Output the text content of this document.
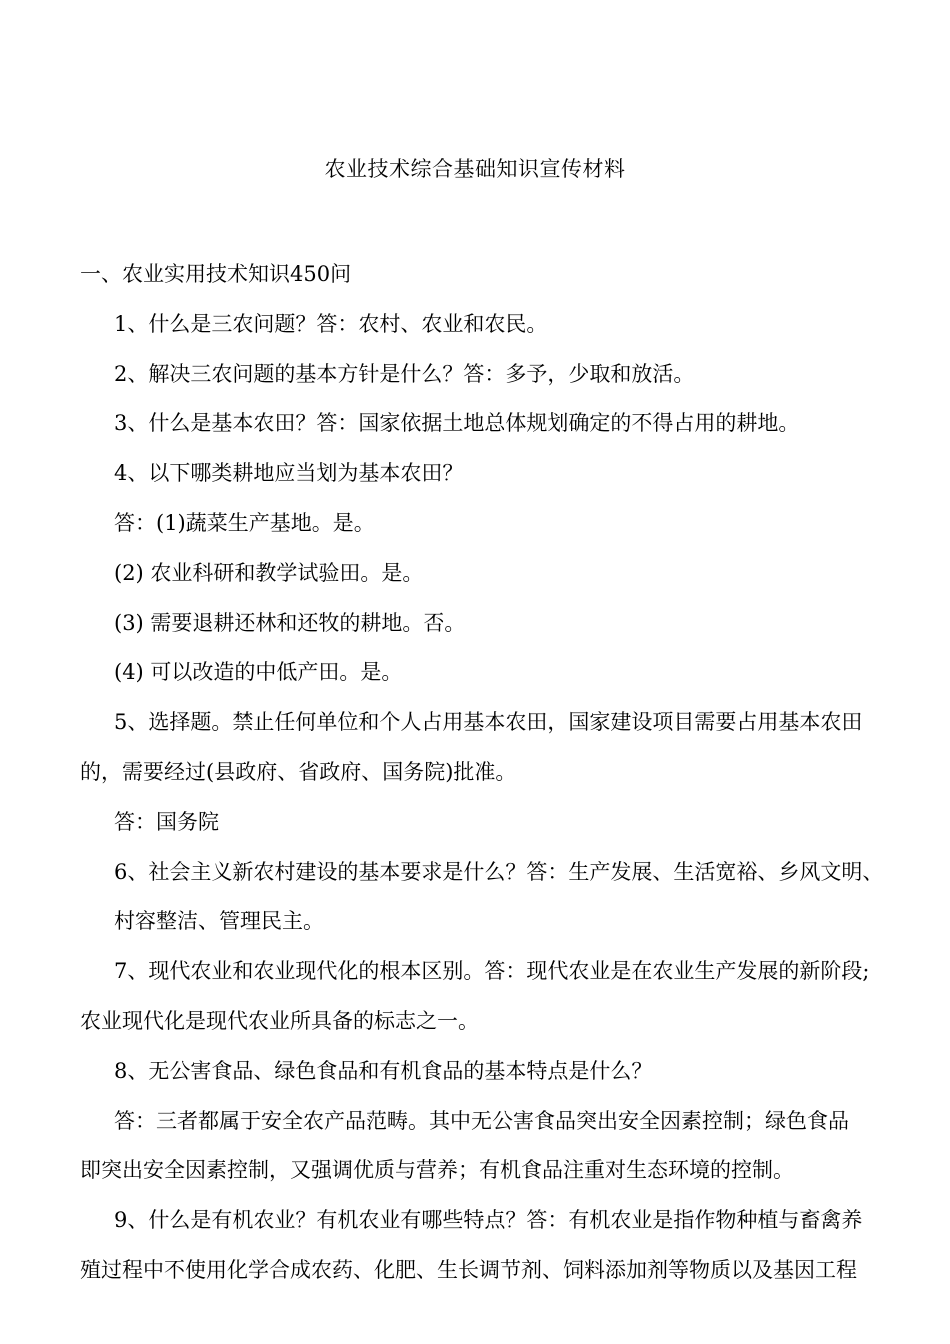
农业技术综合基础知识宣传材料
一、农业实用技术知识450问
1、什么是三农问题？答：农村、农业和农民。
2、解决三农问题的基本方针是什么？答：多予，少取和放活。
3、什么是基本农田？答：国家依据土地总体规划确定的不得占用的耕地。
4、以下哪类耕地应当划为基本农田？
答：(1)蔬菜生产基地。是。
(2) 农业科研和教学试验田。是。
(3) 需要退耕还林和还牧的耕地。否。
(4) 可以改造的中低产田。是。
5、选择题。禁止任何单位和个人占用基本农田，国家建设项目需要占用基本农田
的，需要经过(县政府、省政府、国务院)批准。
答：国务院
6、社会主义新农村建设的基本要求是什么？答：生产发展、生活宽裕、乡风文明、
村容整洁、管理民主。
7、现代农业和农业现代化的根本区别。答：现代农业是在农业生产发展的新阶段;
农业现代化是现代农业所具备的标志之一。
8、无公害食品、绿色食品和有机食品的基本特点是什么？
答：三者都属于安全农产品范畴。其中无公害食品突出安全因素控制；绿色食品
即突出安全因素控制，又强调优质与营养；有机食品注重对生态环境的控制。
9、什么是有机农业？有机农业有哪些特点？答：有机农业是指作物种植与畜禽养
殖过程中不使用化学合成农药、化肥、生长调节剂、饲料添加剂等物质以及基因工程
